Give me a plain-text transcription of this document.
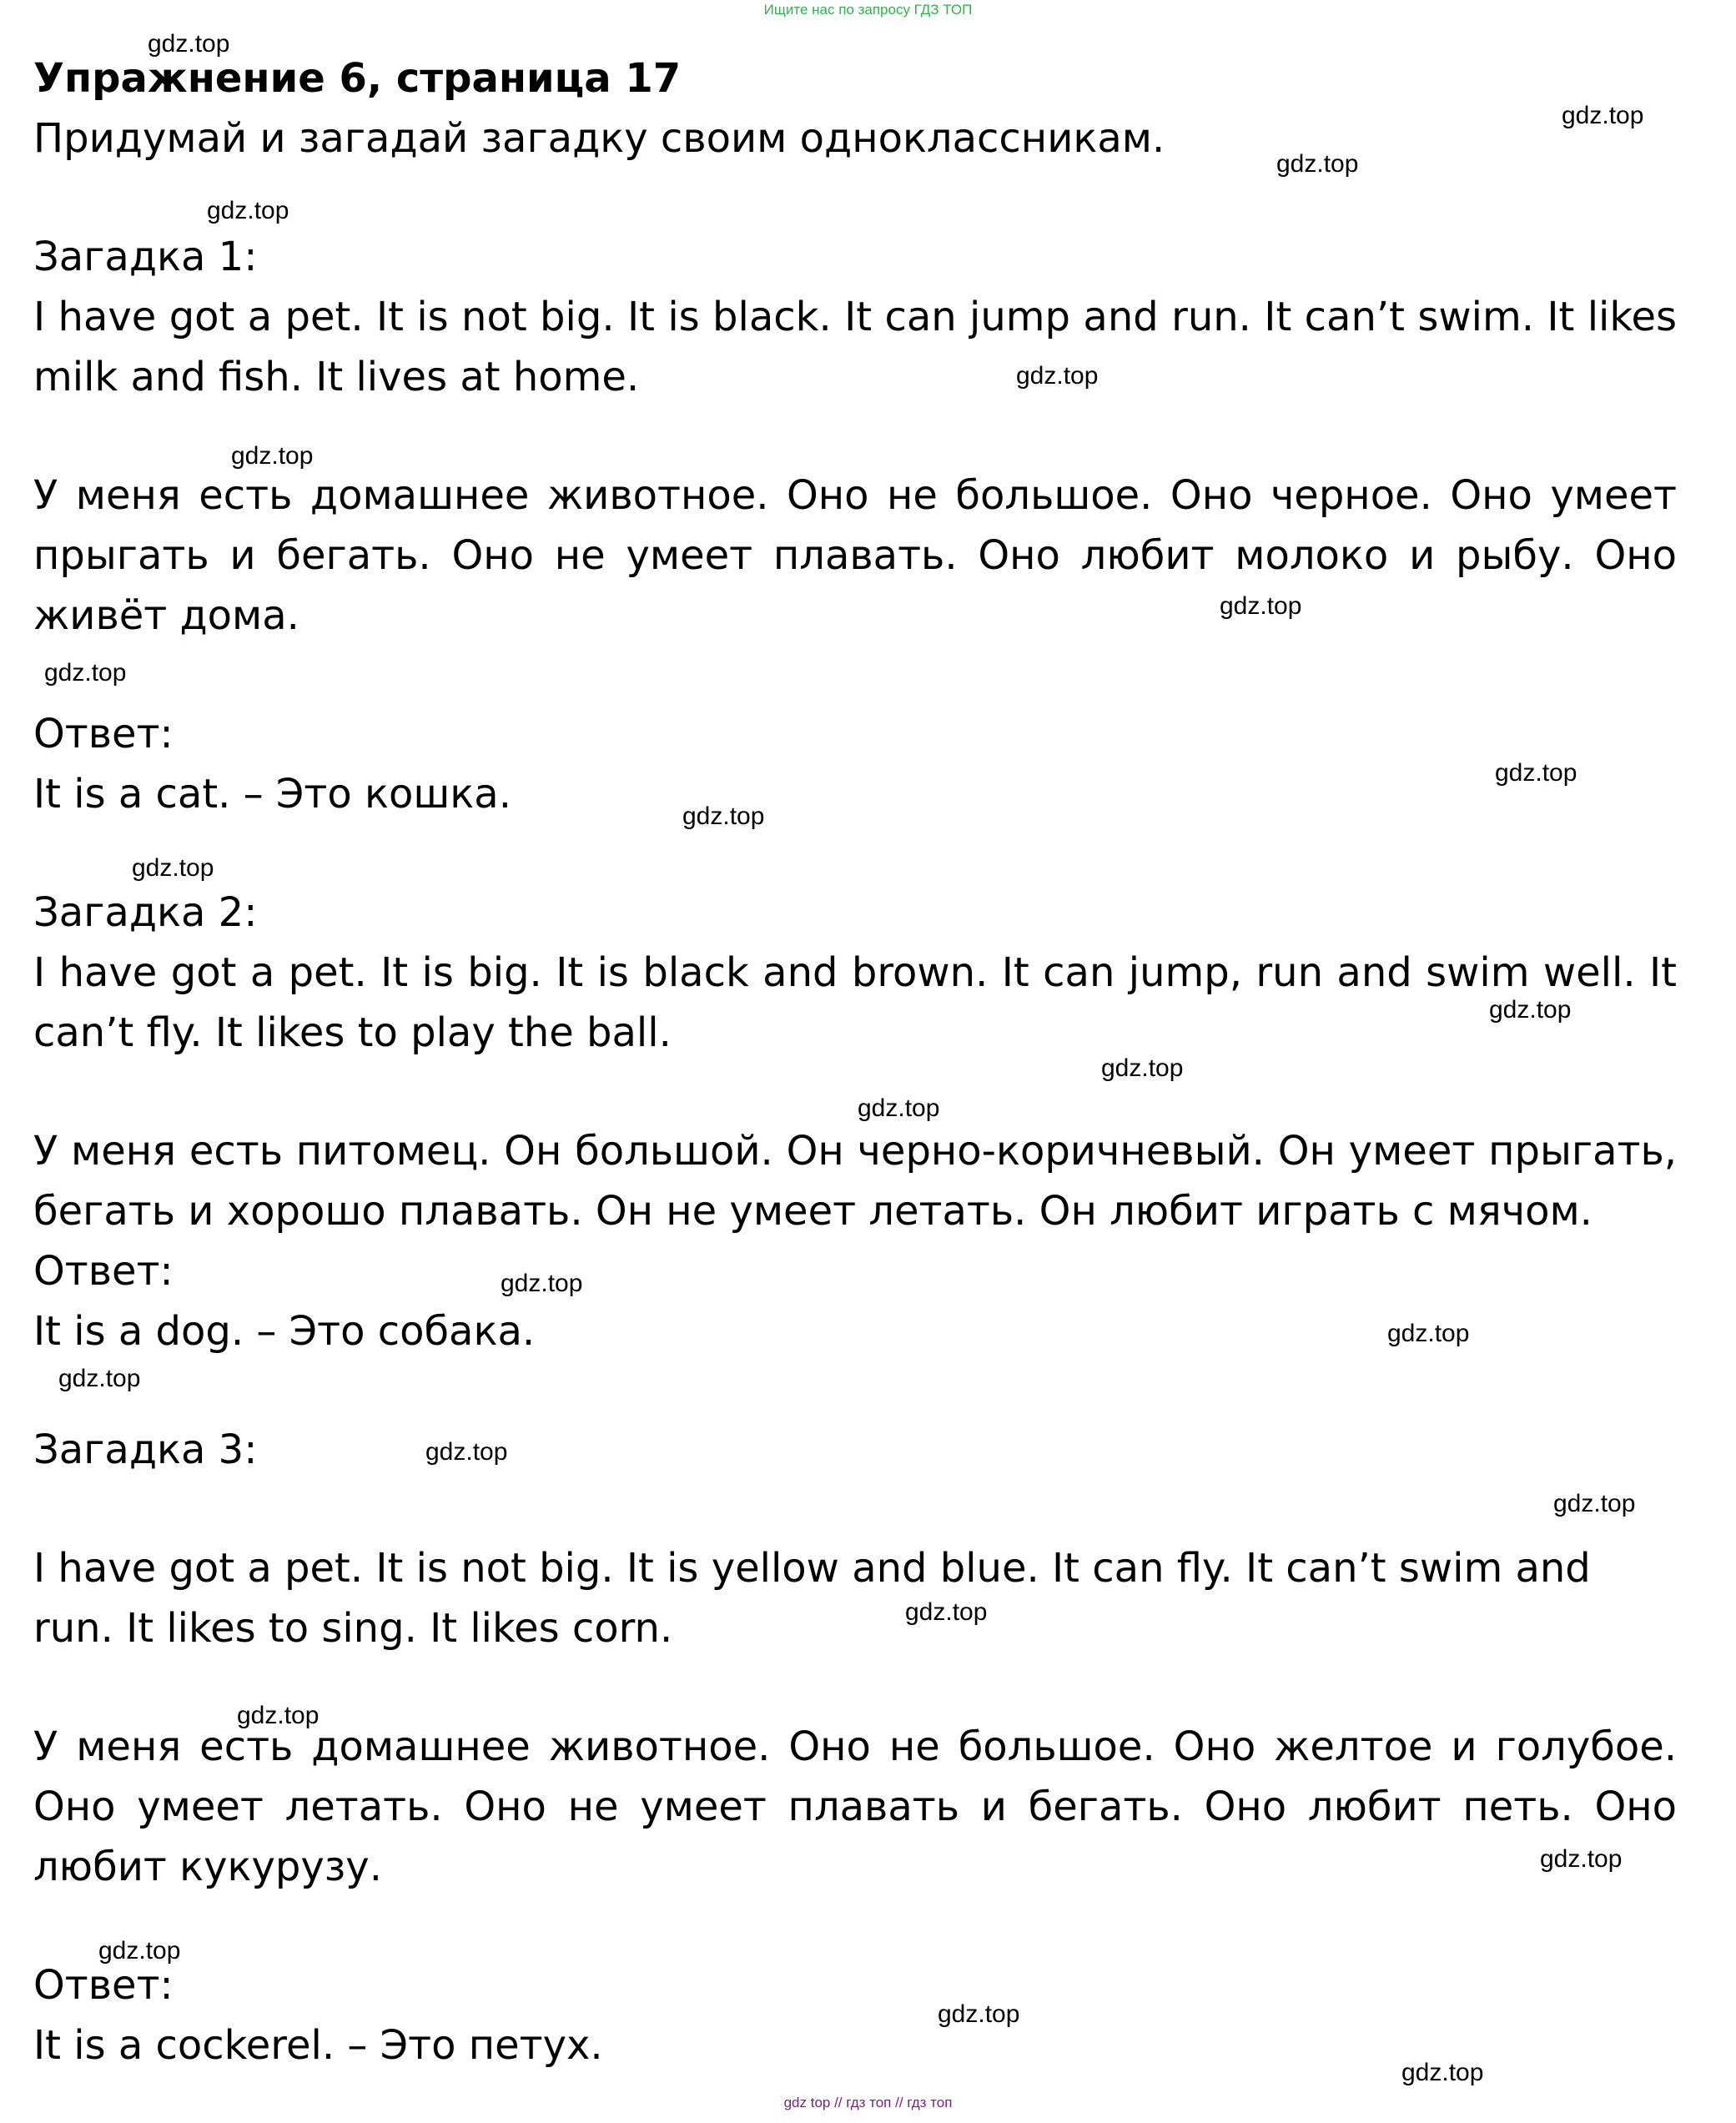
Ищите нас по запросу ГДЗ ТОП

Упражнение 6, страница 17

Придумай и загадай загадку своим одноклассникам.

Загадка 1:

I have got a pet. It is not big. It is black. It can jump and run. It can’t swim. It likes milk and fish. It lives at home.

У меня есть домашнее животное. Оно не большое. Оно черное. Оно умеет прыгать и бегать. Оно не умеет плавать. Оно любит молоко и рыбу. Оно живёт дома.

Ответ:

It is a cat. – Это кошка.

Загадка 2:

I have got a pet. It is big. It is black and brown. It can jump, run and swim well. It can’t fly. It likes to play the ball.

У меня есть питомец. Он большой. Он черно-коричневый. Он умеет прыгать, бегать и хорошо плавать. Он не умеет летать. Он любит играть с мячом.

Ответ:

It is a dog. – Это собака.

Загадка 3:

I have got a pet. It is not big. It is yellow and blue. It can fly. It can’t swim and run. It likes to sing. It likes corn.

У меня есть домашнее животное. Оно не большое. Оно желтое и голубое. Оно умеет летать. Оно не умеет плавать и бегать. Оно любит петь. Оно любит кукурузу.

Ответ:

It is a cockerel. – Это петух.

gdz.top
gdz.top
gdz.top
gdz.top
gdz.top
gdz.top
gdz.top
gdz.top
gdz.top
gdz.top
gdz.top
gdz.top
gdz.top
gdz.top
gdz.top
gdz.top
gdz.top
gdz.top
gdz.top
gdz.top
gdz.top
gdz.top
gdz.top
gdz.top
gdz.top
gdz top // гдз топ // гдз топ
